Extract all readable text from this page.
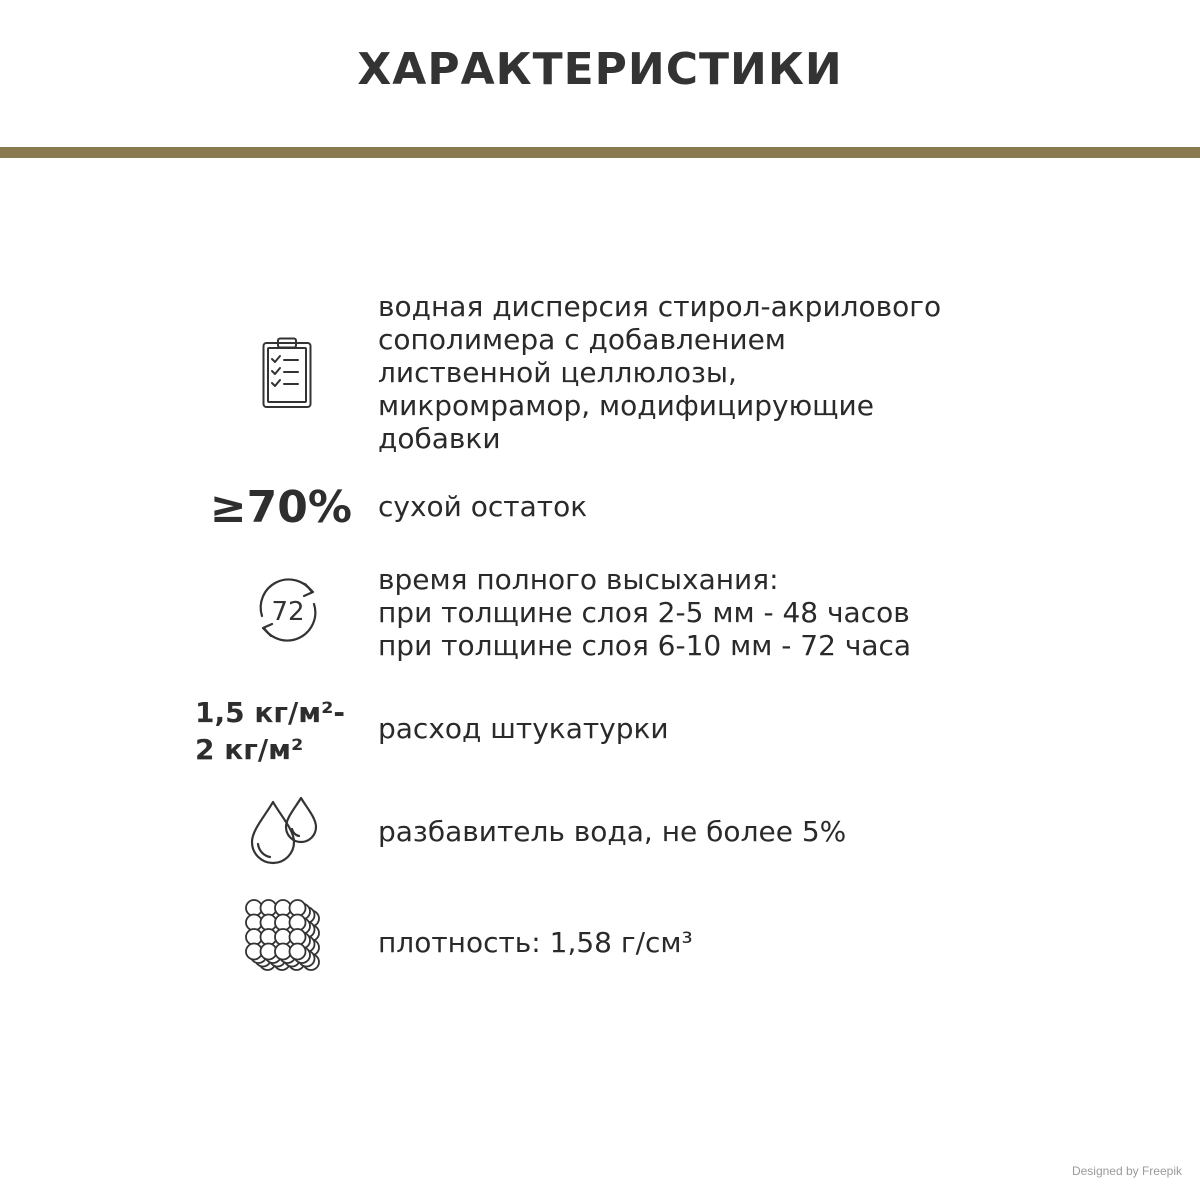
ХАРАКТЕРИСТИКИ
водная дисперсия стирол-акрилового
сополимера с добавлением
лиственной целлюлозы,
микромрамор, модифицирующие
добавки
≥70% сухой остаток
72
время полного высыхания:
при толщине слоя 2-5 мм - 48 часов
при толщине слоя 6-10 мм - 72 часа
1,5 кг/м²-
2 кг/м²
расход штукатурки
разбавитель вода, не более 5%
плотность: 1,58 г/см³
Designed by Freepik
